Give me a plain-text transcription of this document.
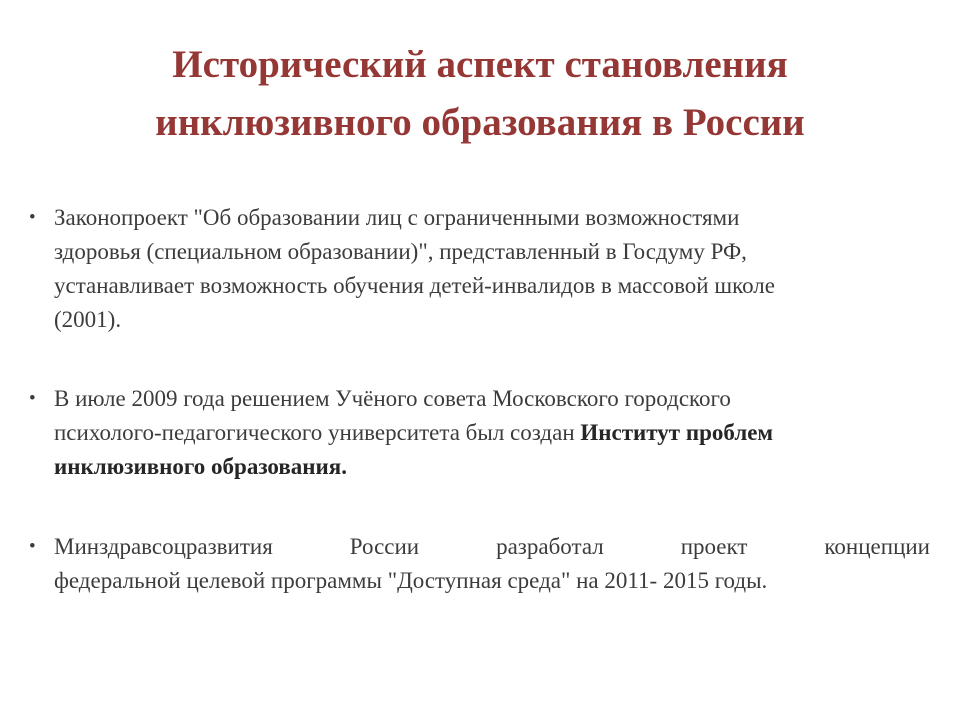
Исторический аспект становления
инклюзивного образования в России
• Законопроект "Об образовании лиц с ограниченными возможностями
здоровья (специальном образовании)", представленный в Госдуму РФ,
устанавливает возможность обучения детей-инвалидов в массовой школе
(2001).
• В июле 2009 года решением Учёного совета Московского городского
психолого-педагогического университета был создан Институт проблем
инклюзивного образования.
• Минздравсоцразвития	России	разработал	проект	концепции
федеральной целевой программы "Доступная среда" на 2011- 2015 годы.
